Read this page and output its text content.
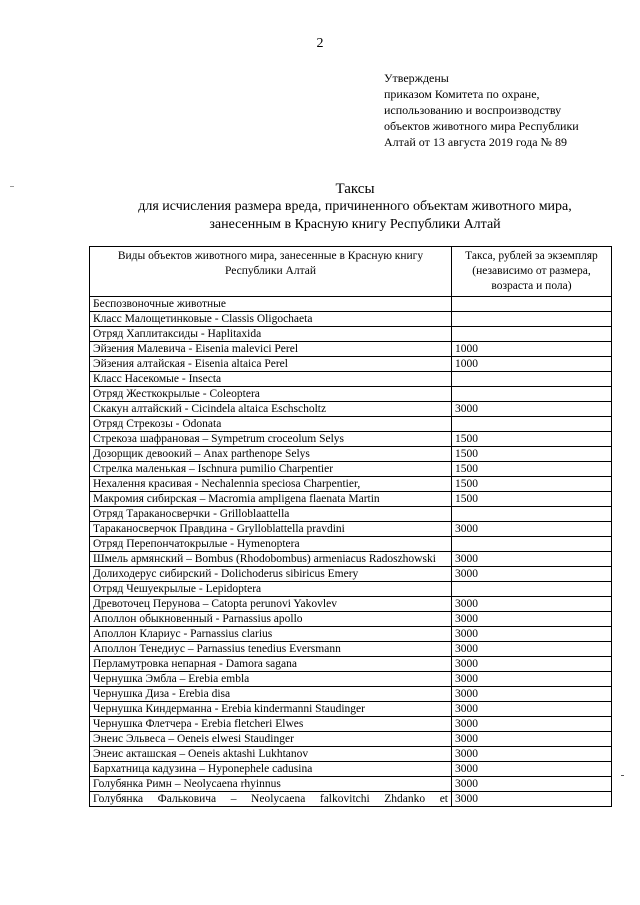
2
Утверждены
приказом Комитета по охране,
использованию и воспроизводству
объектов животного мира Республики
Алтай от 13 августа 2019 года № 89
Таксы
для исчисления размера вреда, причиненного объектам животного мира,
занесенным в Красную книгу Республики Алтай
Виды объектов животного мира, занесенные в Красную книгу Республики Алтай	Такса, рублей за экземпляр (независимо от размера, возраста и пола)
Беспозвоночные животные	
Класс Малощетинковые - Classis Oligochaeta	
Отряд Хаплитаксиды - Haplitaxida	
Эйзения Малевича - Eisenia malevici Perel	1000
Эйзения алтайская - Eisenia altaica Perel	1000
Класс Насекомые - Insecta	
Отряд Жесткокрылые - Coleoptera	
Скакун алтайский - Cicindela altaica Eschscholtz	3000
Отряд Стрекозы - Odonata	
Стрекоза шафрановая – Sympetrum croceolum Selys	1500
Дозорщик девоокий – Anax parthenope Selys	1500
Стрелка маленькая – Ischnura pumilio Charpentier	1500
Нехалення красивая - Nechalennia speciosa Charpentier,	1500
Макромия сибирская – Macromia ampligena flaenata Martin	1500
Отряд Тараканосверчки - Grilloblaattella	
Тараканосверчок Правдина - Grylloblattella pravdini	3000
Отряд Перепончатокрылые - Hymenoptera	
Шмель армянский – Bombus (Rhodobombus) armeniacus Radoszhowski	3000
Долиходерус сибирский - Dolichoderus sibiricus Emery	3000
Отряд Чешуекрылые - Lepidoptera	
Древоточец Перунова – Catopta perunovi Yakovlev	3000
Аполлон обыкновенный - Parnassius apollo	3000
Аполлон Клариус - Parnassius clarius	3000
Аполлон Тенедиус – Parnassius tenedius Eversmann	3000
Перламутровка непарная - Damora sagana	3000
Чернушка Эмбла – Erebia embla	3000
Чернушка Диза - Erebia disa	3000
Чернушка Киндерманна - Erebia kindermanni Staudinger	3000
Чернушка Флетчера - Erebia fletcheri Elwes	3000
Энеис Эльвеса – Oeneis elwesi Staudinger	3000
Энеис акташская – Oeneis aktashi Lukhtanov	3000
Бархатница кадузина – Hyponephele cadusina	3000
Голубянка Римн – Neolycaena rhyinnus	3000
Голубянка Фальковича – Neolycaena falkovitchi Zhdanko et	3000
